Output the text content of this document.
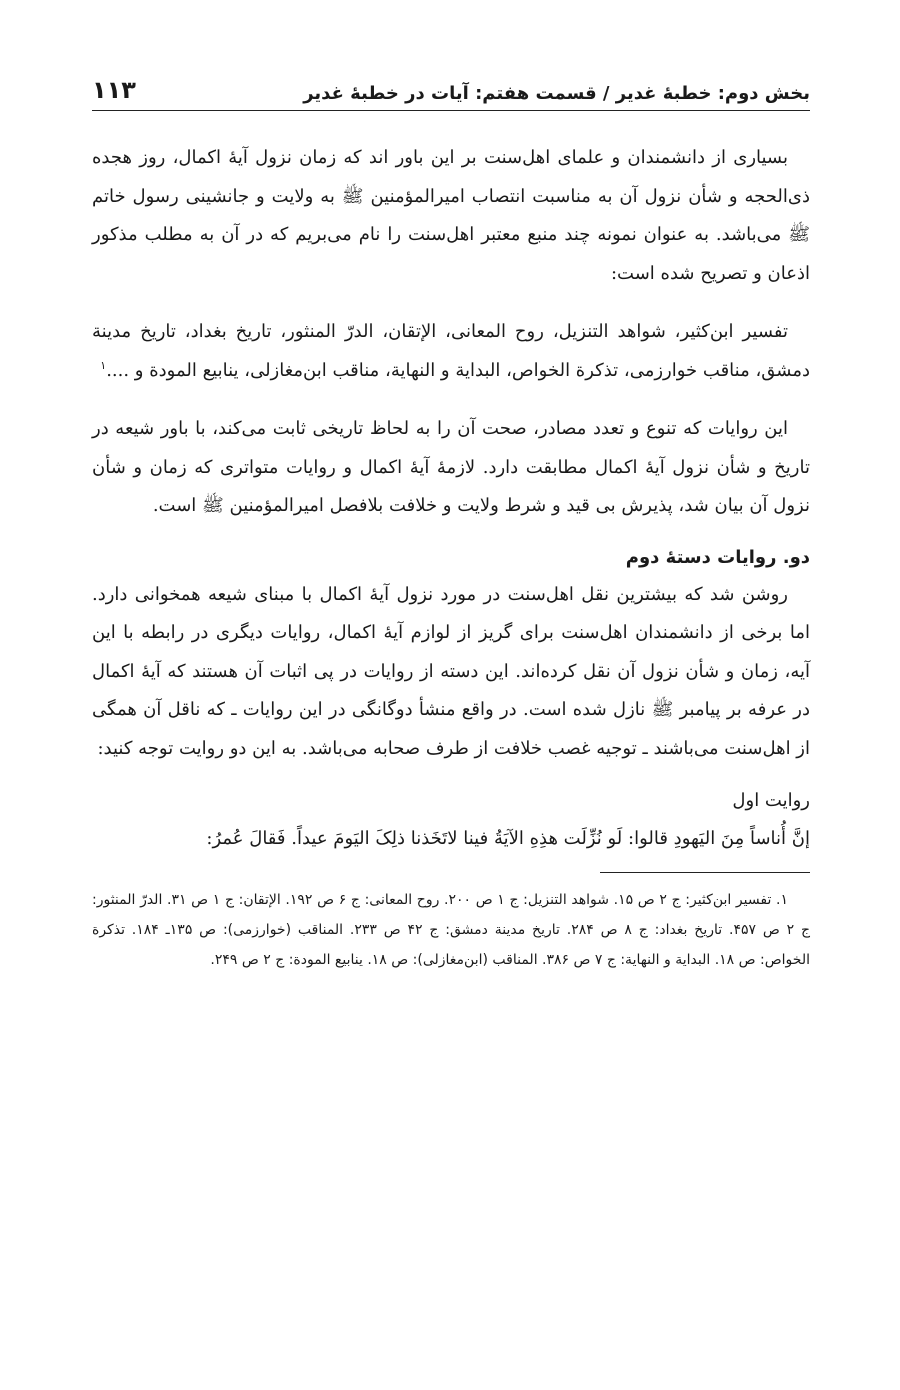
بخش دوم: خطبهٔ غدیر / قسمت هفتم: آیات در خطبهٔ غدیر
۱۱۳

بسیاری از دانشمندان و علمای اهل‌سنت بر این باور اند که زمان نزول آیهٔ اکمال، روز هجده ذی‌الحجه و شأن نزول آن به مناسبت انتصاب امیرالمؤمنین ﷺ به ولایت و جانشینی رسول خاتم ﷺ می‌باشد. به عنوان نمونه چند منبع معتبر اهل‌سنت را نام می‌بریم که در آن به مطلب مذکور اذعان و تصریح شده است:

تفسیر ابن‌کثیر، شواهد التنزیل، روح المعانی، الإتقان، الدرّ المنثور، تاریخ بغداد، تاریخ مدینة دمشق، مناقب خوارزمی، تذکرة الخواص، البدایة و النهایة، مناقب ابن‌مغازلی، ینابیع المودة و ....$^۱$

این روایات که تنوع و تعدد مصادر، صحت آن را به لحاظ تاریخی ثابت می‌کند، با باور شیعه در تاریخ و شأن نزول آیهٔ اکمال مطابقت دارد. لازمهٔ آیهٔ اکمال و روایات متواتری که زمان و شأن نزول آن بیان شد، پذیرش بی قید و شرط ولایت و خلافت بلافصل امیرالمؤمنین ﷺ است.

دو. روایات دستهٔ دوم

روشن شد که بیشترین نقل اهل‌سنت در مورد نزول آیهٔ اکمال با مبنای شیعه همخوانی دارد. اما برخی از دانشمندان اهل‌سنت برای گریز از لوازم آیهٔ اکمال، روایات دیگری در رابطه با این آیه، زمان و شأن نزول آن نقل کرده‌اند. این دسته از روایات در پی اثبات آن هستند که آیهٔ اکمال در عرفه بر پیامبر ﷺ نازل شده است. در واقع منشأ دوگانگی در این روایات ـ که ناقل آن همگی از اهل‌سنت می‌باشند ـ توجیه غصب خلافت از طرف صحابه می‌باشد. به این دو روایت توجه کنید:

روایت اول
إنَّ أُناساً مِنَ الیَهودِ قالوا: لَو نُزِّلَت هذِهِ الآیَةُ فینا لاتَخَذنا ذلِکَ الیَومَ عیداً. فَقالَ عُمرُ:

۱. تفسیر ابن‌کثیر: ج ۲ ص ۱۵. شواهد التنزیل: ج ۱ ص ۲۰۰. روح المعانی: ج ۶ ص ۱۹۲. الإتقان: ج ۱ ص ۳۱. الدرّ المنثور: ج ۲ ص ۴۵۷. تاریخ بغداد: ج ۸ ص ۲۸۴. تاریخ مدینة دمشق: ج ۴۲ ص ۲۳۳. المناقب (خوارزمی): ص ۱۳۵ـ ۱۸۴. تذکرة الخواص: ص ۱۸. البدایة و النهایة: ج ۷ ص ۳۸۶. المناقب (ابن‌مغازلی): ص ۱۸. ینابیع المودة: ج ۲ ص ۲۴۹.
